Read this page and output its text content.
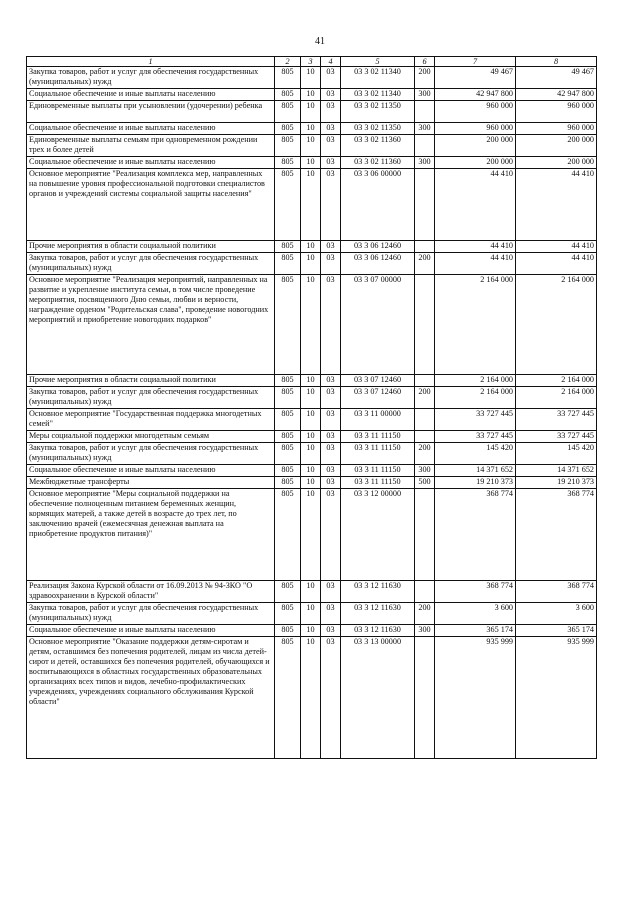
41
1	2	3	4	5	6	7	8
Закупка товаров, работ и услуг для обеспечения государственных (муниципальных) нужд	805	10	03	03 3 02 11340	200	49 467	49 467
Социальное обеспечение и иные выплаты населению	805	10	03	03 3 02 11340	300	42 947 800	42 947 800
Единовременные выплаты при усыновлении (удочерении) ребенка	805	10	03	03 3 02 11350		960 000	960 000
Социальное обеспечение и иные выплаты населению	805	10	03	03 3 02 11350	300	960 000	960 000
Единовременные выплаты семьям при одновременном рождении трех и более детей	805	10	03	03 3 02 11360		200 000	200 000
Социальное обеспечение и иные выплаты населению	805	10	03	03 3 02 11360	300	200 000	200 000
Основное мероприятие "Реализация комплекса мер, направленных на повышение уровня профессиональной подготовки специалистов органов и учреждений системы социальной защиты населения"	805	10	03	03 3 06 00000		44 410	44 410
Прочие мероприятия в области социальной политики	805	10	03	03 3 06 12460		44 410	44 410
Закупка товаров, работ и услуг для обеспечения государственных (муниципальных) нужд	805	10	03	03 3 06 12460	200	44 410	44 410
Основное мероприятие "Реализация мероприятий, направленных на развитие и укрепление института семьи, в том числе проведение мероприятия, посвященного Дню семьи, любви и верности, награждение орденом "Родительская слава", проведение новогодних мероприятий и приобретение новогодних подарков"	805	10	03	03 3 07 00000		2 164 000	2 164 000
Прочие мероприятия в области социальной политики	805	10	03	03 3 07 12460		2 164 000	2 164 000
Закупка товаров, работ и услуг для обеспечения государственных (муниципальных) нужд	805	10	03	03 3 07 12460	200	2 164 000	2 164 000
Основное мероприятие "Государственная поддержка многодетных семей"	805	10	03	03 3 11 00000		33 727 445	33 727 445
Меры социальной поддержки многодетным семьям	805	10	03	03 3 11 11150		33 727 445	33 727 445
Закупка товаров, работ и услуг для обеспечения государственных (муниципальных) нужд	805	10	03	03 3 11 11150	200	145 420	145 420
Социальное обеспечение и иные выплаты населению	805	10	03	03 3 11 11150	300	14 371 652	14 371 652
Межбюджетные трансферты	805	10	03	03 3 11 11150	500	19 210 373	19 210 373
Основное мероприятие "Меры социальной поддержки на обеспечение полноценным питанием беременных женщин, кормящих матерей, а также детей в возрасте до трех лет, по заключению врачей (ежемесячная денежная выплата на приобретение продуктов питания)"	805	10	03	03 3 12 00000		368 774	368 774
Реализация Закона Курской области от 16.09.2013 № 94-ЗКО "О здравоохранении в Курской области"	805	10	03	03 3 12 11630		368 774	368 774
Закупка товаров, работ и услуг для обеспечения государственных (муниципальных) нужд	805	10	03	03 3 12 11630	200	3 600	3 600
Социальное обеспечение и иные выплаты населению	805	10	03	03 3 12 11630	300	365 174	365 174
Основное мероприятие "Оказание поддержки детям-сиротам и детям, оставшимся без попечения родителей, лицам из числа детей-сирот и детей, оставшихся без попечения родителей, обучающихся и воспитывающихся в областных государственных образовательных организациях всех типов и видов, лечебно-профилактических учреждениях, учреждениях социального обслуживания Курской области"	805	10	03	03 3 13 00000		935 999	935 999
